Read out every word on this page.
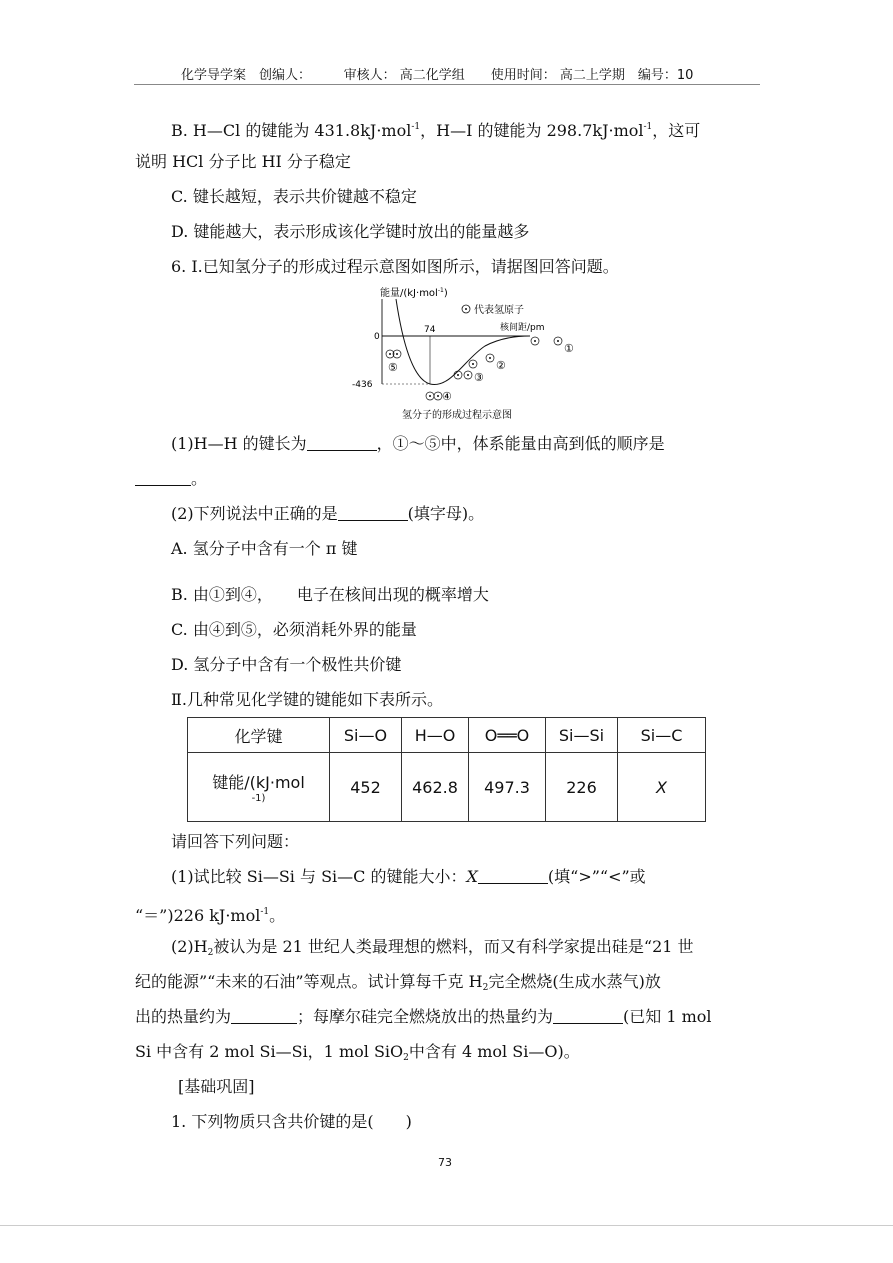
化学导学案　 创编人：　　　	审核人： 高二化学组　　 使用时间： 高二上学期　 编号：10
B. H—Cl 的键能为 431.8kJ·mol$^{-1}$，H—I 的键能为 298.7kJ·mol$^{-1}$，这可
说明 HCl 分子比 HI 分子稳定
C. 键长越短，表示共价键越不稳定
D. 键能越大，表示形成该化学键时放出的能量越多
6. Ⅰ.已知氢分子的形成过程示意图如图所示，请据图回答问题。
能量/(kJ·mol$^{-1}$)
代表氢原子
0
-436
74	核间距/pm
①
②
③
④
⑤
氢分子的形成过程示意图
(1)H—H 的键长为	，①～⑤中，体系能量由高到低的顺序是
。
(2)下列说法中正确的是	(填字母)。
A. 氢分子中含有一个 π 键
B. 由①到④，　　电子在核间出现的概率增大
C. 由④到⑤，必须消耗外界的能量
D. 氢分子中含有一个极性共价键
Ⅱ.几种常见化学键的键能如下表所示。
化学键	Si—O	H—O	O══O	Si—Si	Si—C

键能/(kJ·mol
-1)	452	462.8	497.3	226	X
请回答下列问题：
(1)试比较 Si—Si 与 Si—C 的键能大小：X	(填“>”“<”或
“＝”)226 kJ·mol$^{-1}$。
$(2)H_2$被认为是 21 世纪人类最理想的燃料，而又有科学家提出硅是“21 世
纪的能源”“未来的石油”等观点。试计算每千克 $H_2$完全燃烧(生成水蒸气)放
出的热量约为	；每摩尔硅完全燃烧放出的热量约为	(已知 1 mol
Si 中含有 2 mol Si—Si，1 mol SiO$_2$中含有 4 mol Si—O)。
[基础巩固]
1. 下列物质只含共价键的是(　　)
73
